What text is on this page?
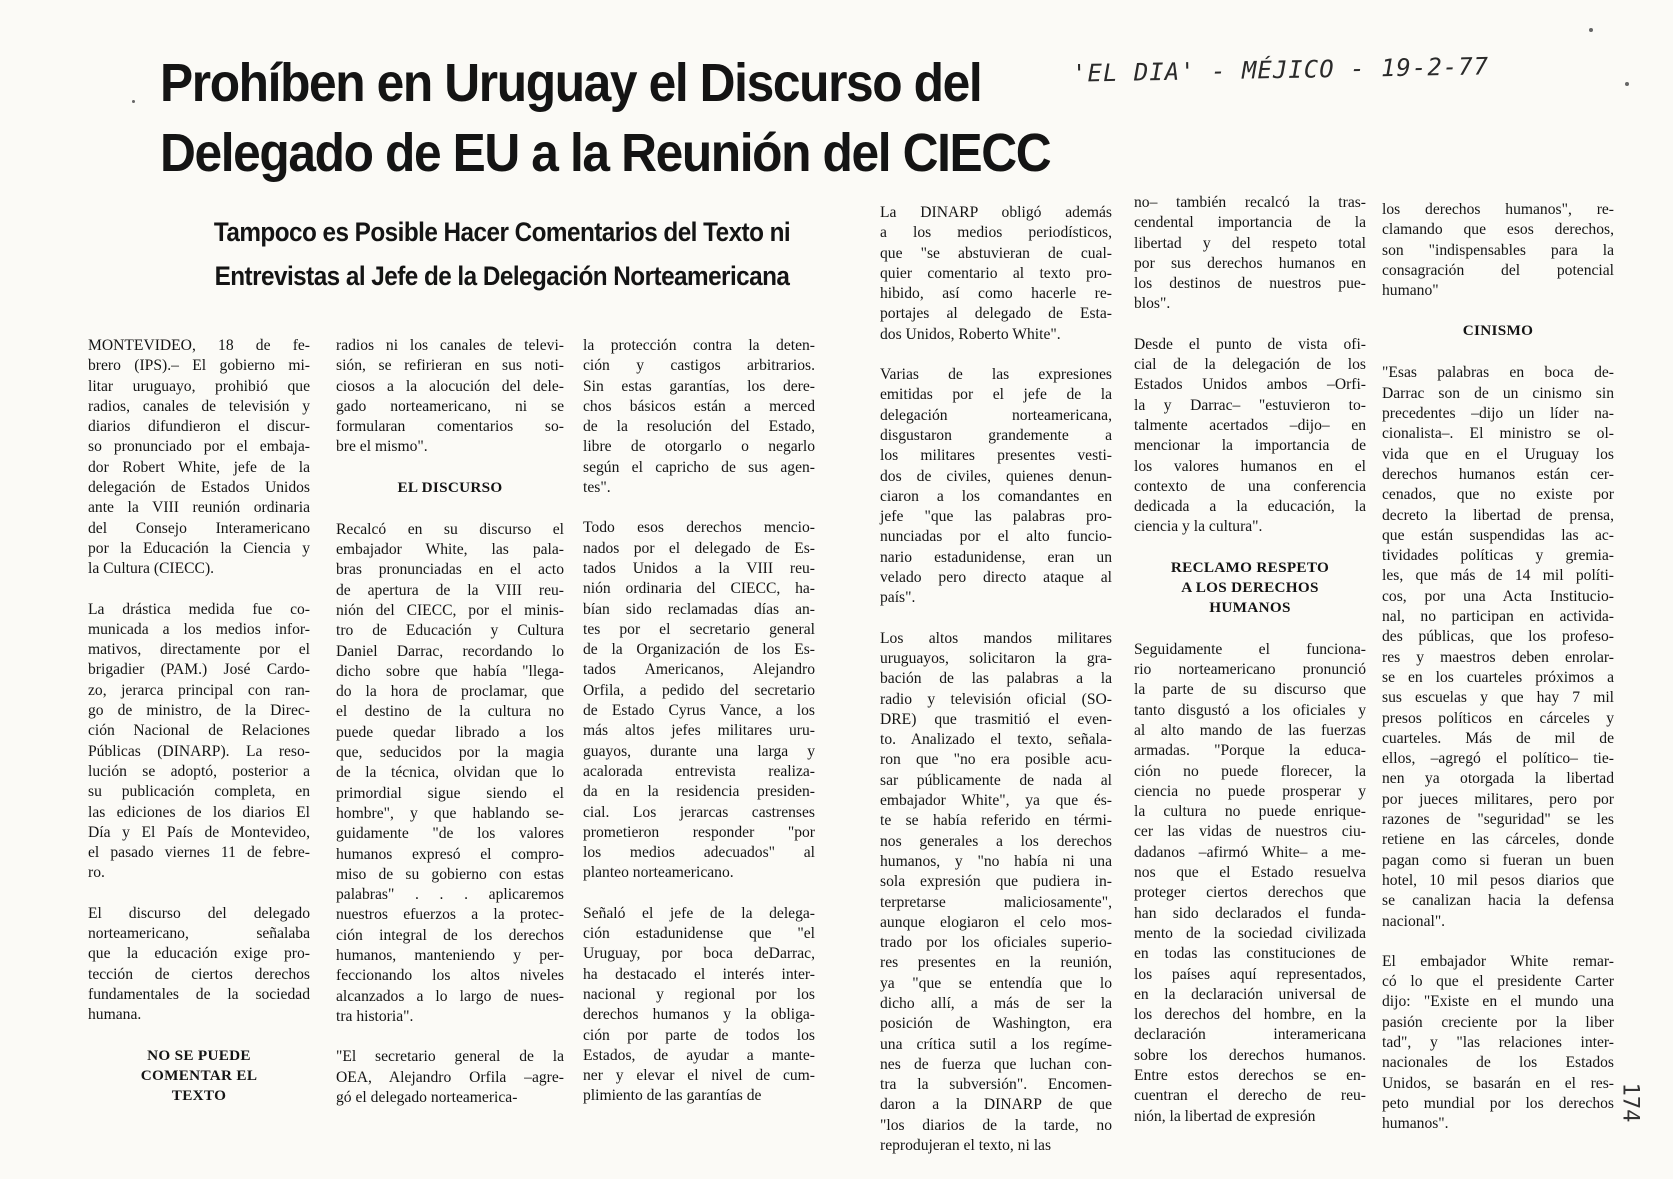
Prohíben en Uruguay el Discurso del
Delegado de EU a la Reunión del CIECC
Tampoco es Posible Hacer Comentarios del Texto ni
Entrevistas al Jefe de la Delegación Norteamericana
'EL DIA' - MÉJICO - 19-2-77
174

MONTEVIDEO, 18 de fe-
brero (IPS).– El gobierno mi-
litar uruguayo, prohibió que
radios, canales de televisión y
diarios difundieron el discur-
so pronunciado por el embaja-
dor Robert White, jefe de la
delegación de Estados Unidos
ante la VIII reunión ordinaria
del Consejo Interamericano
por la Educación la Ciencia y
la Cultura (CIECC).

La drástica medida fue co-
municada a los medios infor-
mativos, directamente por el
brigadier (PAM.) José Cardo-
zo, jerarca principal con ran-
go de ministro, de la Direc-
ción Nacional de Relaciones
Públicas (DINARP). La reso-
lución se adoptó, posterior a
su publicación completa, en
las ediciones de los diarios El
Día y El País de Montevideo,
el pasado viernes 11 de febre-
ro.

El discurso del delegado
norteamericano, señalaba
que la educación exige pro-
tección de ciertos derechos
fundamentales de la sociedad
humana.

NO SE PUEDE
COMENTAR EL
TEXTO

radios ni los canales de televi-
sión, se refirieran en sus noti-
ciosos a la alocución del dele-
gado norteamericano, ni se
formularan comentarios so-
bre el mismo".

EL DISCURSO

Recalcó en su discurso el
embajador White, las pala-
bras pronunciadas en el acto
de apertura de la VIII reu-
nión del CIECC, por el minis-
tro de Educación y Cultura
Daniel Darrac, recordando lo
dicho sobre que había "llega-
do la hora de proclamar, que
el destino de la cultura no
puede quedar librado a los
que, seducidos por la magia
de la técnica, olvidan que lo
primordial sigue siendo el
hombre", y que hablando se-
guidamente "de los valores
humanos expresó el compro-
miso de su gobierno con estas
palabras" . . . aplicaremos
nuestros efuerzos a la protec-
ción integral de los derechos
humanos, manteniendo y per-
feccionando los altos niveles
alcanzados a lo largo de nues-
tra historia".

"El secretario general de la
OEA, Alejandro Orfila –agre-
gó el delegado norteamerica-

la protección contra la deten-
ción y castigos arbitrarios.
Sin estas garantías, los dere-
chos básicos están a merced
de la resolución del Estado,
libre de otorgarlo o negarlo
según el capricho de sus agen-
tes".

Todo esos derechos mencio-
nados por el delegado de Es-
tados Unidos a la VIII reu-
nión ordinaria del CIECC, ha-
bían sido reclamadas días an-
tes por el secretario general
de la Organización de los Es-
tados Americanos, Alejandro
Orfila, a pedido del secretario
de Estado Cyrus Vance, a los
más altos jefes militares uru-
guayos, durante una larga y
acalorada entrevista realiza-
da en la residencia presiden-
cial. Los jerarcas castrenses
prometieron responder "por
los medios adecuados" al
planteo norteamericano.

Señaló el jefe de la delega-
ción estadunidense que "el
Uruguay, por boca deDarrac,
ha destacado el interés inter-
nacional y regional por los
derechos humanos y la obliga-
ción por parte de todos los
Estados, de ayudar a mante-
ner y elevar el nivel de cum-
plimiento de las garantías de

La DINARP obligó además
a los medios periodísticos,
que "se abstuvieran de cual-
quier comentario al texto pro-
hibido, así como hacerle re-
portajes al delegado de Esta-
dos Unidos, Roberto White".

Varias de las expresiones
emitidas por el jefe de la
delegación norteamericana,
disgustaron grandemente a
los militares presentes vesti-
dos de civiles, quienes denun-
ciaron a los comandantes en
jefe "que las palabras pro-
nunciadas por el alto funcio-
nario estadunidense, eran un
velado pero directo ataque al
país".

Los altos mandos militares
uruguayos, solicitaron la gra-
bación de las palabras a la
radio y televisión oficial (SO-
DRE) que trasmitió el even-
to. Analizado el texto, señala-
ron que "no era posible acu-
sar públicamente de nada al
embajador White", ya que és-
te se había referido en térmi-
nos generales a los derechos
humanos, y "no había ni una
sola expresión que pudiera in-
terpretarse maliciosamente",
aunque elogiaron el celo mos-
trado por los oficiales superio-
res presentes en la reunión,
ya "que se entendía que lo
dicho allí, a más de ser la
posición de Washington, era
una crítica sutil a los regíme-
nes de fuerza que luchan con-
tra la subversión". Encomen-
daron a la DINARP de que
"los diarios de la tarde, no
reprodujeran el texto, ni las

no– también recalcó la tras-
cendental importancia de la
libertad y del respeto total
por sus derechos humanos en
los destinos de nuestros pue-
blos".

Desde el punto de vista ofi-
cial de la delegación de los
Estados Unidos ambos –Orfi-
la y Darrac– "estuvieron to-
talmente acertados –dijo– en
mencionar la importancia de
los valores humanos en el
contexto de una conferencia
dedicada a la educación, la
ciencia y la cultura".

RECLAMO RESPETO
A LOS DERECHOS
HUMANOS

Seguidamente el funciona-
rio norteamericano pronunció
la parte de su discurso que
tanto disgustó a los oficiales y
al alto mando de las fuerzas
armadas. "Porque la educa-
ción no puede florecer, la
ciencia no puede prosperar y
la cultura no puede enrique-
cer las vidas de nuestros ciu-
dadanos –afirmó White– a me-
nos que el Estado resuelva
proteger ciertos derechos que
han sido declarados el funda-
mento de la sociedad civilizada
en todas las constituciones de
los países aquí representados,
en la declaración universal de
los derechos del hombre, en la
declaración interamericana
sobre los derechos humanos.
Entre estos derechos se en-
cuentran el derecho de reu-
nión, la libertad de expresión

los derechos humanos", re-
clamando que esos derechos,
son "indispensables para la
consagración del potencial
humano"

CINISMO

"Esas palabras en boca de-
Darrac son de un cinismo sin
precedentes –dijo un líder na-
cionalista–. El ministro se ol-
vida que en el Uruguay los
derechos humanos están cer-
cenados, que no existe por
decreto la libertad de prensa,
que están suspendidas las ac-
tividades políticas y gremia-
les, que más de 14 mil políti-
cos, por una Acta Institucio-
nal, no participan en activida-
des públicas, que los profeso-
res y maestros deben enrolar-
se en los cuarteles próximos a
sus escuelas y que hay 7 mil
presos políticos en cárceles y
cuarteles. Más de mil de
ellos, –agregó el político– tie-
nen ya otorgada la libertad
por jueces militares, pero por
razones de "seguridad" se les
retiene en las cárceles, donde
pagan como si fueran un buen
hotel, 10 mil pesos diarios que
se canalizan hacia la defensa
nacional".

El embajador White remar-
có lo que el presidente Carter
dijo: "Existe en el mundo una
pasión creciente por la liber
tad", y "las relaciones inter-
nacionales de los Estados
Unidos, se basarán en el res-
peto mundial por los derechos
humanos".
